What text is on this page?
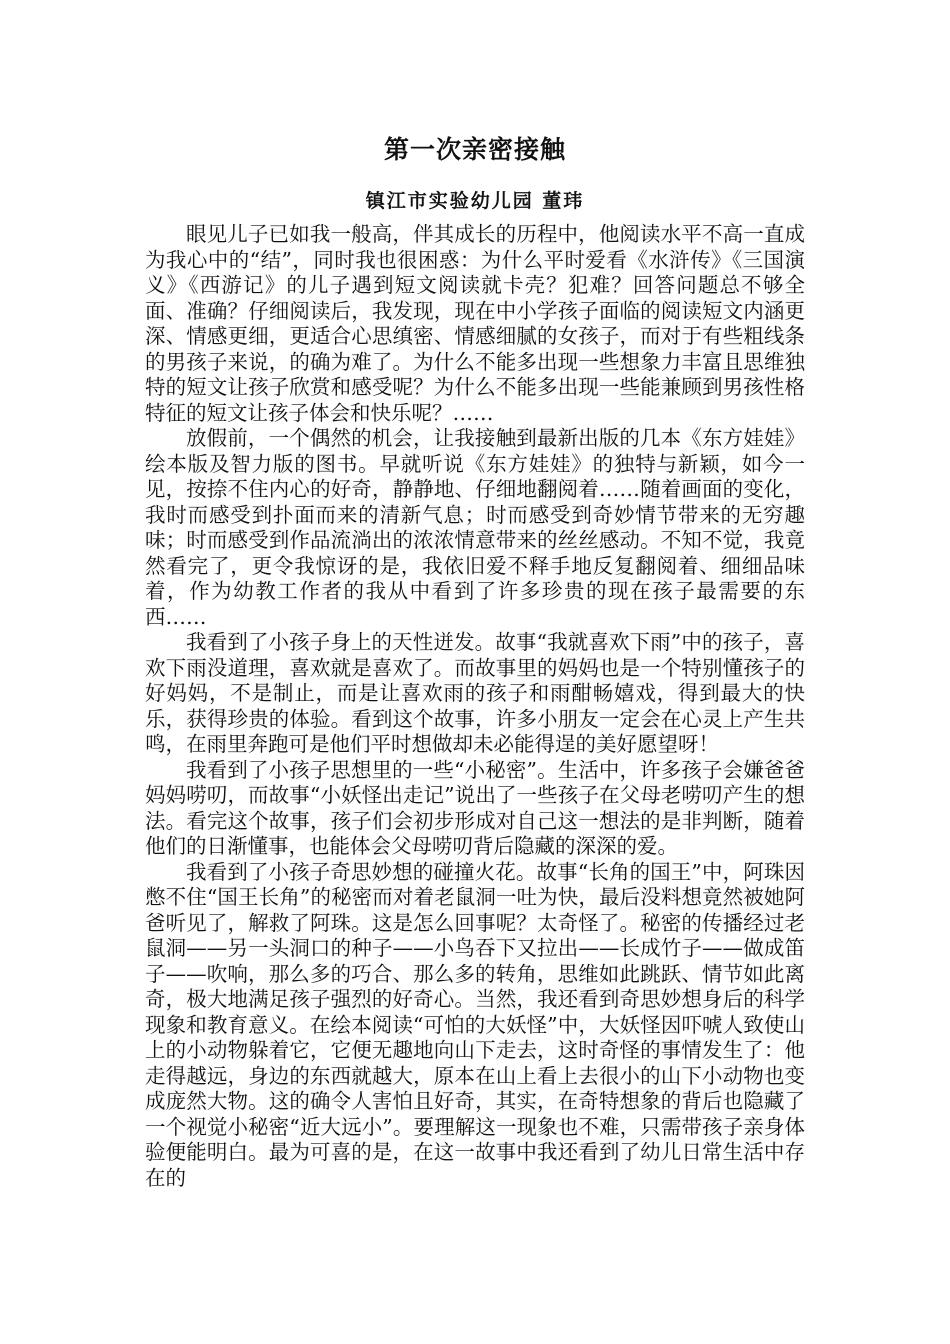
第一次亲密接触
镇江市实验幼儿园 董玮

眼见儿子已如我一般高，伴其成长的历程中，他阅读水平不高一直成为我心中的“结”，同时我也很困惑：为什么平时爱看《水浒传》《三国演义》《西游记》的儿子遇到短文阅读就卡壳？犯难？回答问题总不够全面、准确？仔细阅读后，我发现，现在中小学孩子面临的阅读短文内涵更深、情感更细，更适合心思缜密、情感细腻的女孩子，而对于有些粗线条的男孩子来说，的确为难了。为什么不能多出现一些想象力丰富且思维独特的短文让孩子欣赏和感受呢？为什么不能多出现一些能兼顾到男孩性格特征的短文让孩子体会和快乐呢？……

放假前，一个偶然的机会，让我接触到最新出版的几本《东方娃娃》绘本版及智力版的图书。早就听说《东方娃娃》的独特与新颖，如今一见，按捺不住内心的好奇，静静地、仔细地翻阅着……随着画面的变化，我时而感受到扑面而来的清新气息；时而感受到奇妙情节带来的无穷趣味；时而感受到作品流淌出的浓浓情意带来的丝丝感动。不知不觉，我竟然看完了，更令我惊讶的是，我依旧爱不释手地反复翻阅着、细细品味着，作为幼教工作者的我从中看到了许多珍贵的现在孩子最需要的东西……

我看到了小孩子身上的天性迸发。故事“我就喜欢下雨”中的孩子，喜欢下雨没道理，喜欢就是喜欢了。而故事里的妈妈也是一个特别懂孩子的好妈妈，不是制止，而是让喜欢雨的孩子和雨酣畅嬉戏，得到最大的快乐，获得珍贵的体验。看到这个故事，许多小朋友一定会在心灵上产生共鸣，在雨里奔跑可是他们平时想做却未必能得逞的美好愿望呀！

我看到了小孩子思想里的一些“小秘密”。生活中，许多孩子会嫌爸爸妈妈唠叨，而故事“小妖怪出走记”说出了一些孩子在父母老唠叨产生的想法。看完这个故事，孩子们会初步形成对自己这一想法的是非判断，随着他们的日渐懂事，也能体会父母唠叨背后隐藏的深深的爱。

我看到了小孩子奇思妙想的碰撞火花。故事“长角的国王”中，阿珠因憋不住“国王长角”的秘密而对着老鼠洞一吐为快，最后没料想竟然被她阿爸听见了，解救了阿珠。这是怎么回事呢？太奇怪了。秘密的传播经过老鼠洞——另一头洞口的种子——小鸟吞下又拉出——长成竹子——做成笛子——吹响，那么多的巧合、那么多的转角，思维如此跳跃、情节如此离奇，极大地满足孩子强烈的好奇心。当然，我还看到奇思妙想身后的科学现象和教育意义。在绘本阅读“可怕的大妖怪”中，大妖怪因吓唬人致使山上的小动物躲着它，它便无趣地向山下走去，这时奇怪的事情发生了：他走得越远，身边的东西就越大，原本在山上看上去很小的山下小动物也变成庞然大物。这的确令人害怕且好奇，其实，在奇特想象的背后也隐藏了一个视觉小秘密“近大远小”。要理解这一现象也不难，只需带孩子亲身体验便能明白。最为可喜的是，在这一故事中我还看到了幼儿日常生活中存在的
